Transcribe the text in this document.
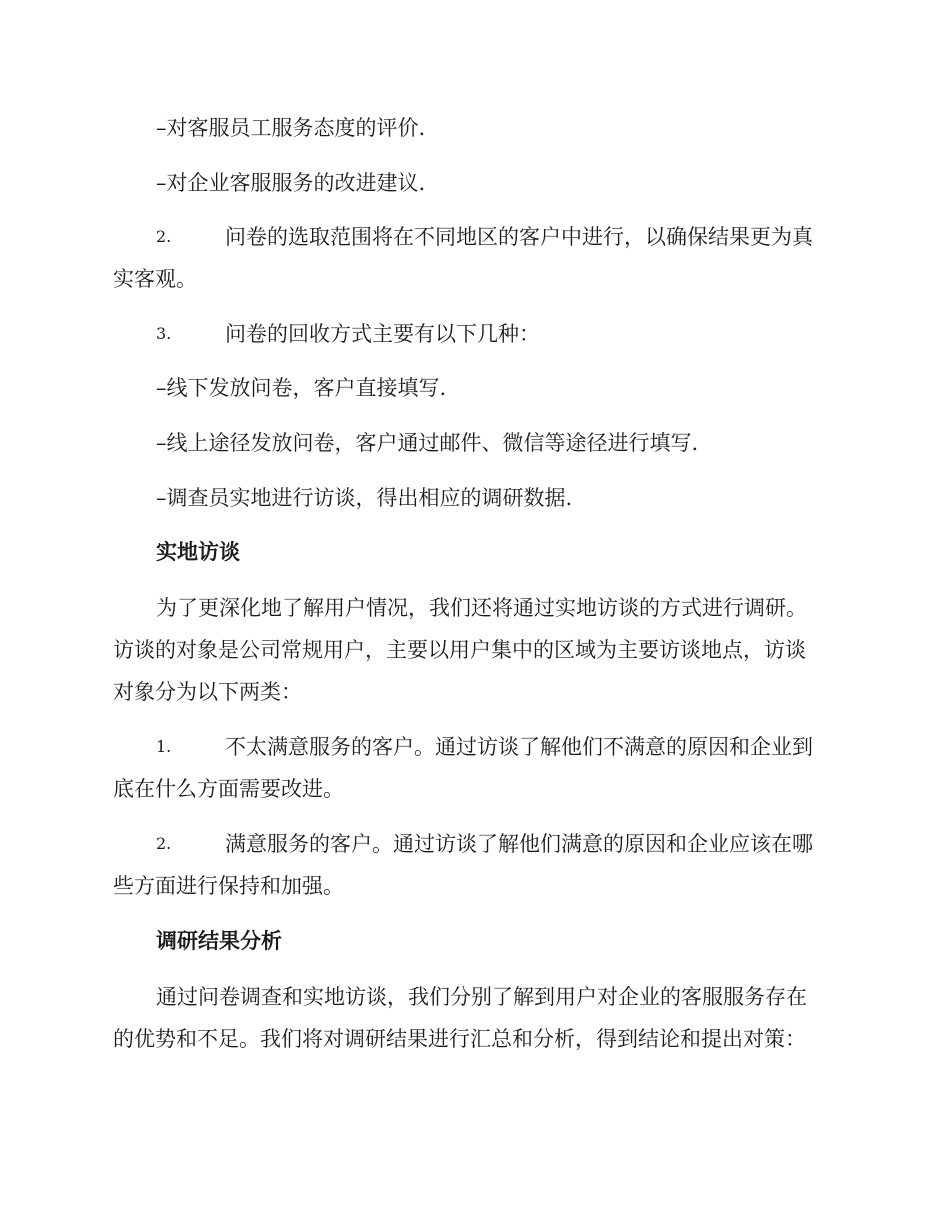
–对客服员工服务态度的评价.
–对企业客服服务的改进建议.
2.	问卷的选取范围将在不同地区的客户中进行，以确保结果更为真
实客观。
3.	问卷的回收方式主要有以下几种：
–线下发放问卷，客户直接填写.
–线上途径发放问卷，客户通过邮件、微信等途径进行填写.
–调查员实地进行访谈，得出相应的调研数据.
实地访谈
为了更深化地了解用户情况，我们还将通过实地访谈的方式进行调研。
访谈的对象是公司常规用户，主要以用户集中的区域为主要访谈地点，访谈
对象分为以下两类：
1.	不太满意服务的客户。通过访谈了解他们不满意的原因和企业到
底在什么方面需要改进。
2.	满意服务的客户。通过访谈了解他们满意的原因和企业应该在哪
些方面进行保持和加强。
调研结果分析
通过问卷调查和实地访谈，我们分别了解到用户对企业的客服服务存在
的优势和不足。我们将对调研结果进行汇总和分析，得到结论和提出对策：
